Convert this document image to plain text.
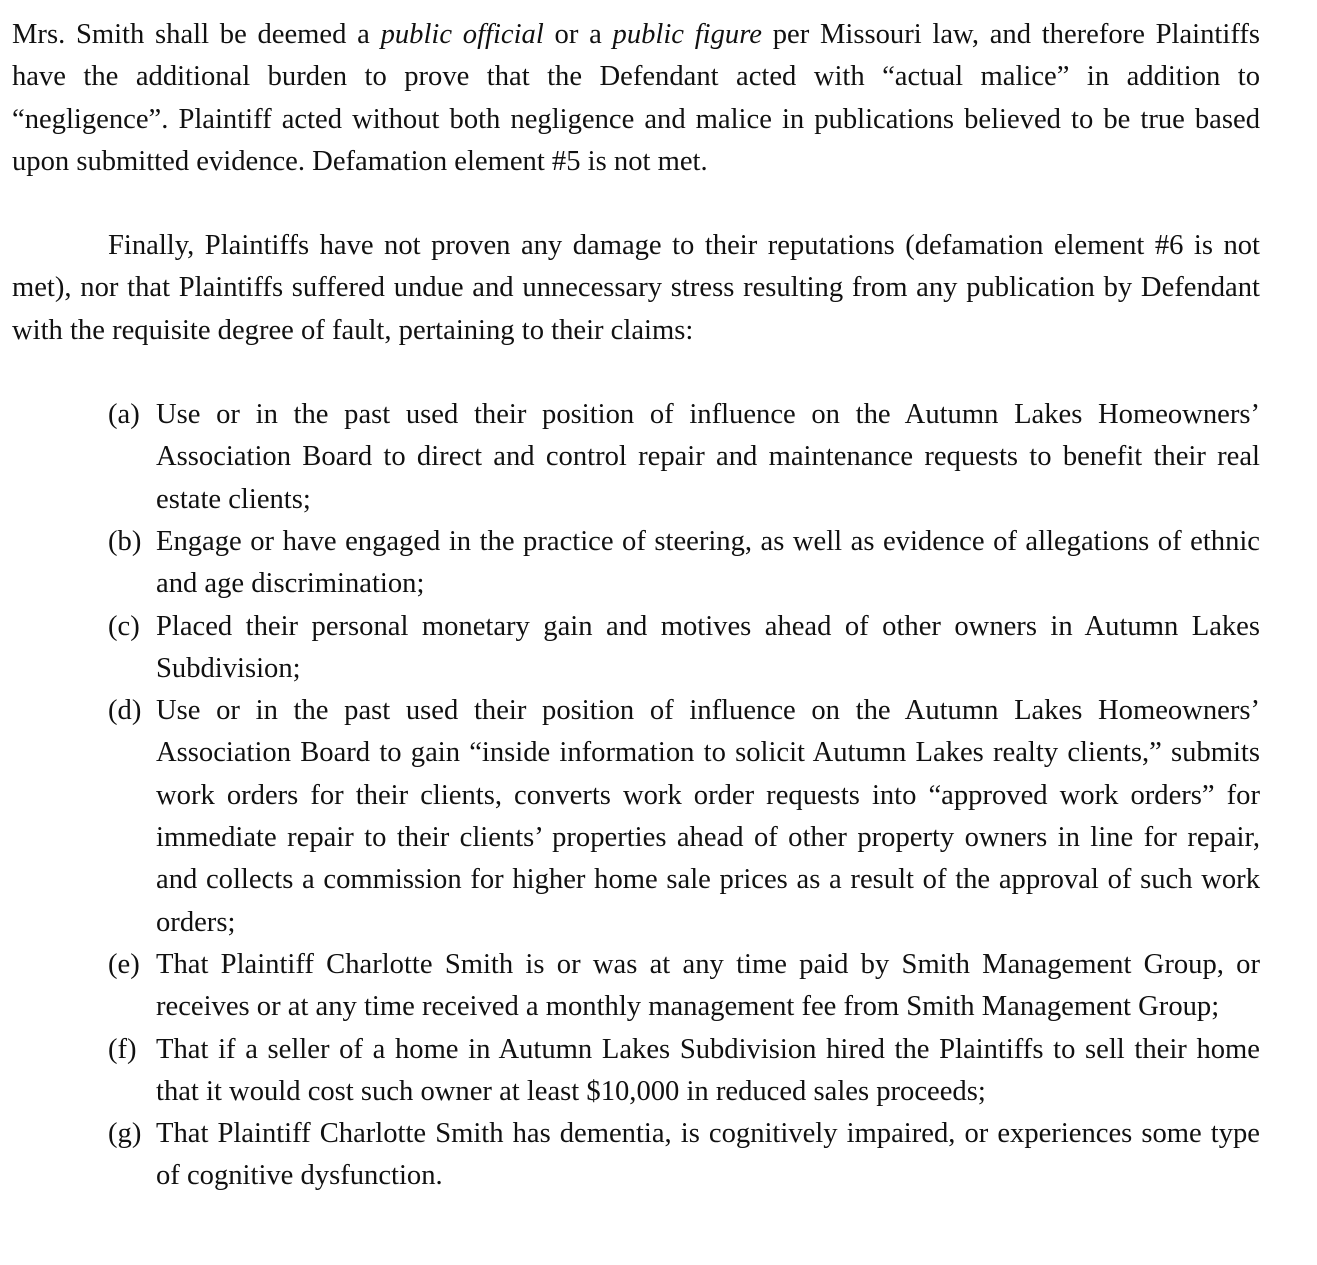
Mrs. Smith shall be deemed a public official or a public figure per Missouri law, and therefore Plaintiffs have the additional burden to prove that the Defendant acted with “actual malice” in addition to “negligence”. Plaintiff acted without both negligence and malice in publications believed to be true based upon submitted evidence. Defamation element #5 is not met.

Finally, Plaintiffs have not proven any damage to their reputations (defamation element #6 is not met), nor that Plaintiffs suffered undue and unnecessary stress resulting from any publication by Defendant with the requisite degree of fault, pertaining to their claims:

(a) Use or in the past used their position of influence on the Autumn Lakes Homeowners’ Association Board to direct and control repair and maintenance requests to benefit their real estate clients;
(b) Engage or have engaged in the practice of steering, as well as evidence of allegations of ethnic and age discrimination;
(c) Placed their personal monetary gain and motives ahead of other owners in Autumn Lakes Subdivision;
(d) Use or in the past used their position of influence on the Autumn Lakes Homeowners’ Association Board to gain “inside information to solicit Autumn Lakes realty clients,” submits work orders for their clients, converts work order requests into “approved work orders” for immediate repair to their clients’ properties ahead of other property owners in line for repair, and collects a commission for higher home sale prices as a result of the approval of such work orders;
(e) That Plaintiff Charlotte Smith is or was at any time paid by Smith Management Group, or receives or at any time received a monthly management fee from Smith Management Group;
(f) That if a seller of a home in Autumn Lakes Subdivision hired the Plaintiffs to sell their home that it would cost such owner at least $10,000 in reduced sales proceeds;
(g) That Plaintiff Charlotte Smith has dementia, is cognitively impaired, or experiences some type of cognitive dysfunction.
